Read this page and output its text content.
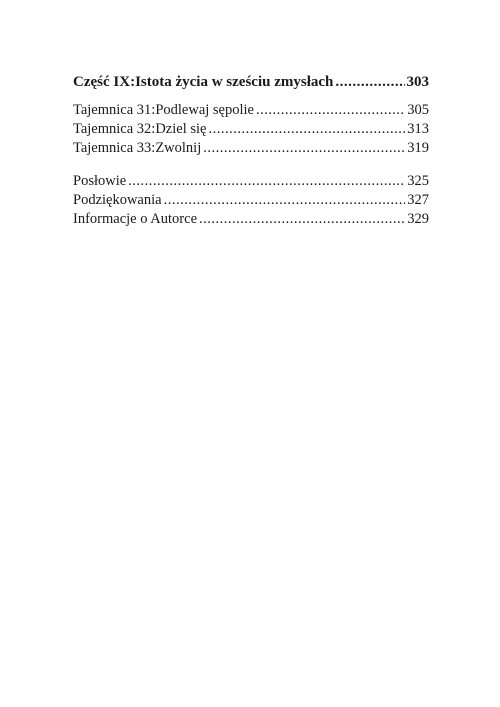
Część IX: Istota życia w sześciu zmysłach .....	303
Tajemnica 31: Podlewaj sępolie .....	305
Tajemnica 32: Dziel się .....	313
Tajemnica 33: Zwolnij .....	319
Posłowie .....	325
Podziękowania .....	327
Informacje o Autorce .....	329
